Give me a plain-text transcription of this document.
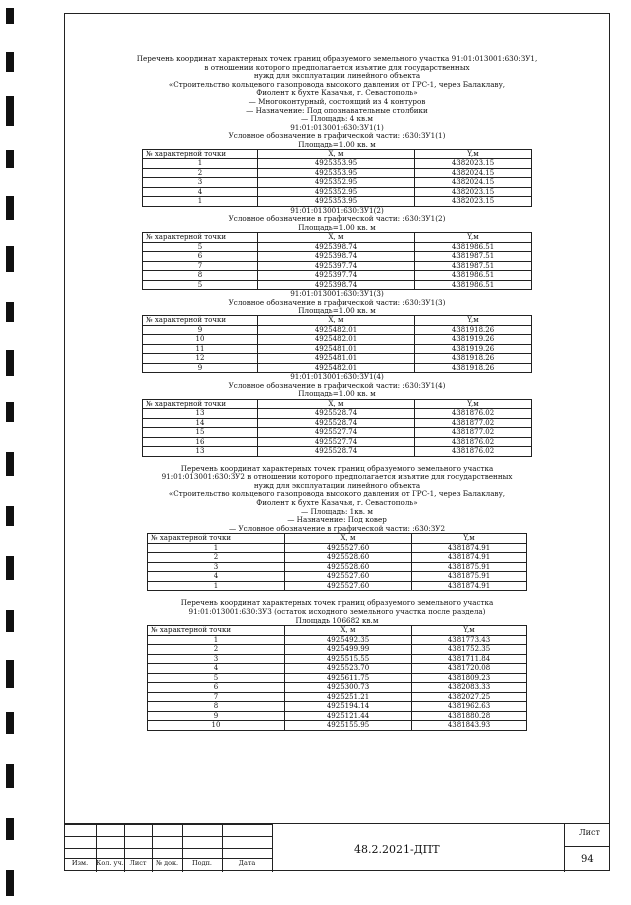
Перечень координат характерных точек границ образуемого земельного участка 91:01:013001:630:ЗУ1,
в отношении которого предполагается изъятие для государственных
нужд для эксплуатации линейного объекта
«Строительство кольцевого газопровода высокого давления от ГРС-1, через Балаклаву,
Фиолент к бухте Казачья, г. Севастополь»
— Многоконтурный, состоящий из 4 контуров
— Назначение: Под опознавательные столбики
— Площадь: 4 кв.м
91:01:013001:630:ЗУ1(1)
Условное обозначение в графической части: :630:ЗУ1(1)
Площадь=1.00 кв. м
№ характерной точки	X, м	Y,м
1	4925353.95	4382023.15
2	4925353.95	4382024.15
3	4925352.95	4382024.15
4	4925352.95	4382023.15
1	4925353.95	4382023.15
91:01:013001:630:ЗУ1(2)
Условное обозначение в графической части: :630:ЗУ1(2)
Площадь=1.00 кв. м
№ характерной точки	X, м	Y,м
5	4925398.74	4381986.51
6	4925398.74	4381987.51
7	4925397.74	4381987.51
8	4925397.74	4381986.51
5	4925398.74	4381986.51
91:01:013001:630:ЗУ1(3)
Условное обозначение в графической части: :630:ЗУ1(3)
Площадь=1.00 кв. м
№ характерной точки	X, м	Y,м
9	4925482.01	4381918.26
10	4925482.01	4381919.26
11	4925481.01	4381919.26
12	4925481.01	4381918.26
9	4925482.01	4381918.26
91:01:013001:630:ЗУ1(4)
Условное обозначение в графической части: :630:ЗУ1(4)
Площадь=1.00 кв. м
№ характерной точки	X, м	Y,м
13	4925528.74	4381876.02
14	4925528.74	4381877.02
15	4925527.74	4381877.02
16	4925527.74	4381876.02
13	4925528.74	4381876.02
Перечень координат характерных точек границ образуемого земельного участка
91:01:013001:630:ЗУ2 в отношении которого предполагается изъятие для государственных
нужд для эксплуатации линейного объекта
«Строительство кольцевого газопровода высокого давления от ГРС-1, через Балаклаву,
Фиолент к бухте Казачья, г. Севастополь»
— Площадь: 1кв. м
— Назначение: Под ковер
— Условное обозначение в графической части: :630:ЗУ2
№ характерной точки	X, м	Y,м
1	4925527.60	4381874.91
2	4925528.60	4381874.91
3	4925528.60	4381875.91
4	4925527.60	4381875.91
1	4925527.60	4381874.91
Перечень координат характерных точек границ образуемого земельного участка
91:01:013001:630:ЗУ3 (остаток исходного земельного участка после раздела)
Площадь 106682 кв.м
№ характерной точки	X, м	Y,м
1	4925492.35	4381773.43
2	4925499.99	4381752.35
3	4925515.55	4381711.84
4	4925523.70	4381720.08
5	4925611.75	4381809.23
6	4925300.73	4382083.33
7	4925251.21	4382027.25
8	4925194.14	4381962.63
9	4925121.44	4381880.28
10	4925155.95	4381843.93
Изм.	Кол. уч. Лист	№ док.	Подп.	Дата
48.2.2021-ДПТ
Лист
94
